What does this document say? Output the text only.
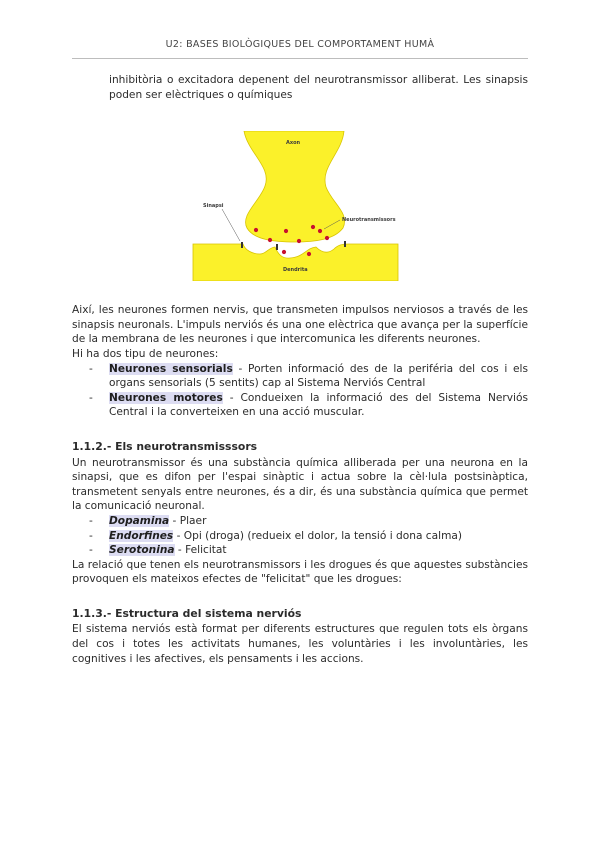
U2: BASES BIOLÒGIQUES DEL COMPORTAMENT HUMÀ

inhibitòria o excitadora depenent del neurotransmissor alliberat. Les sinapsis poden ser elèctriques o químiques

Axon
Sinapsi
Neurotransmissors
Dendrita

Així, les neurones formen nervis, que transmeten impulsos nerviosos a través de les sinapsis neuronals. L'impuls nerviós és una one elèctrica que avança per la superfície de la membrana de les neurones i que intercomunica les diferents neurones.

Hi ha dos tipu de neurones:

- Neurones sensorials - Porten informació des de la periféria del cos i els organs sensorials (5 sentits) cap al Sistema Nerviós Central
- Neurones motores - Condueixen la informació des del Sistema Nerviós Central i la converteixen en una acció muscular.
1.1.2.- Els neurotransmisssors

Un neurotransmissor és una substància química alliberada per una neurona en la sinapsi, que es difon per l'espai sinàptic i actua sobre la cèl·lula postsinàptica, transmetent senyals entre neurones, és a dir, és una substància química que permet la comunicació neuronal.

- Dopamina - Plaer
- Endorfines - Opi (droga) (redueix el dolor, la tensió i dona calma)
- Serotonina - Felicitat

La relació que tenen els neurotransmissors i les drogues és que aquestes substàncies provoquen els mateixos efectes de "felicitat" que les drogues:

1.1.3.- Estructura del sistema nerviós

El sistema nerviós està format per diferents estructures que regulen tots els òrgans del cos i totes les activitats humanes, les voluntàries i les involuntàries, les cognitives i les afectives, els pensaments i les accions.
